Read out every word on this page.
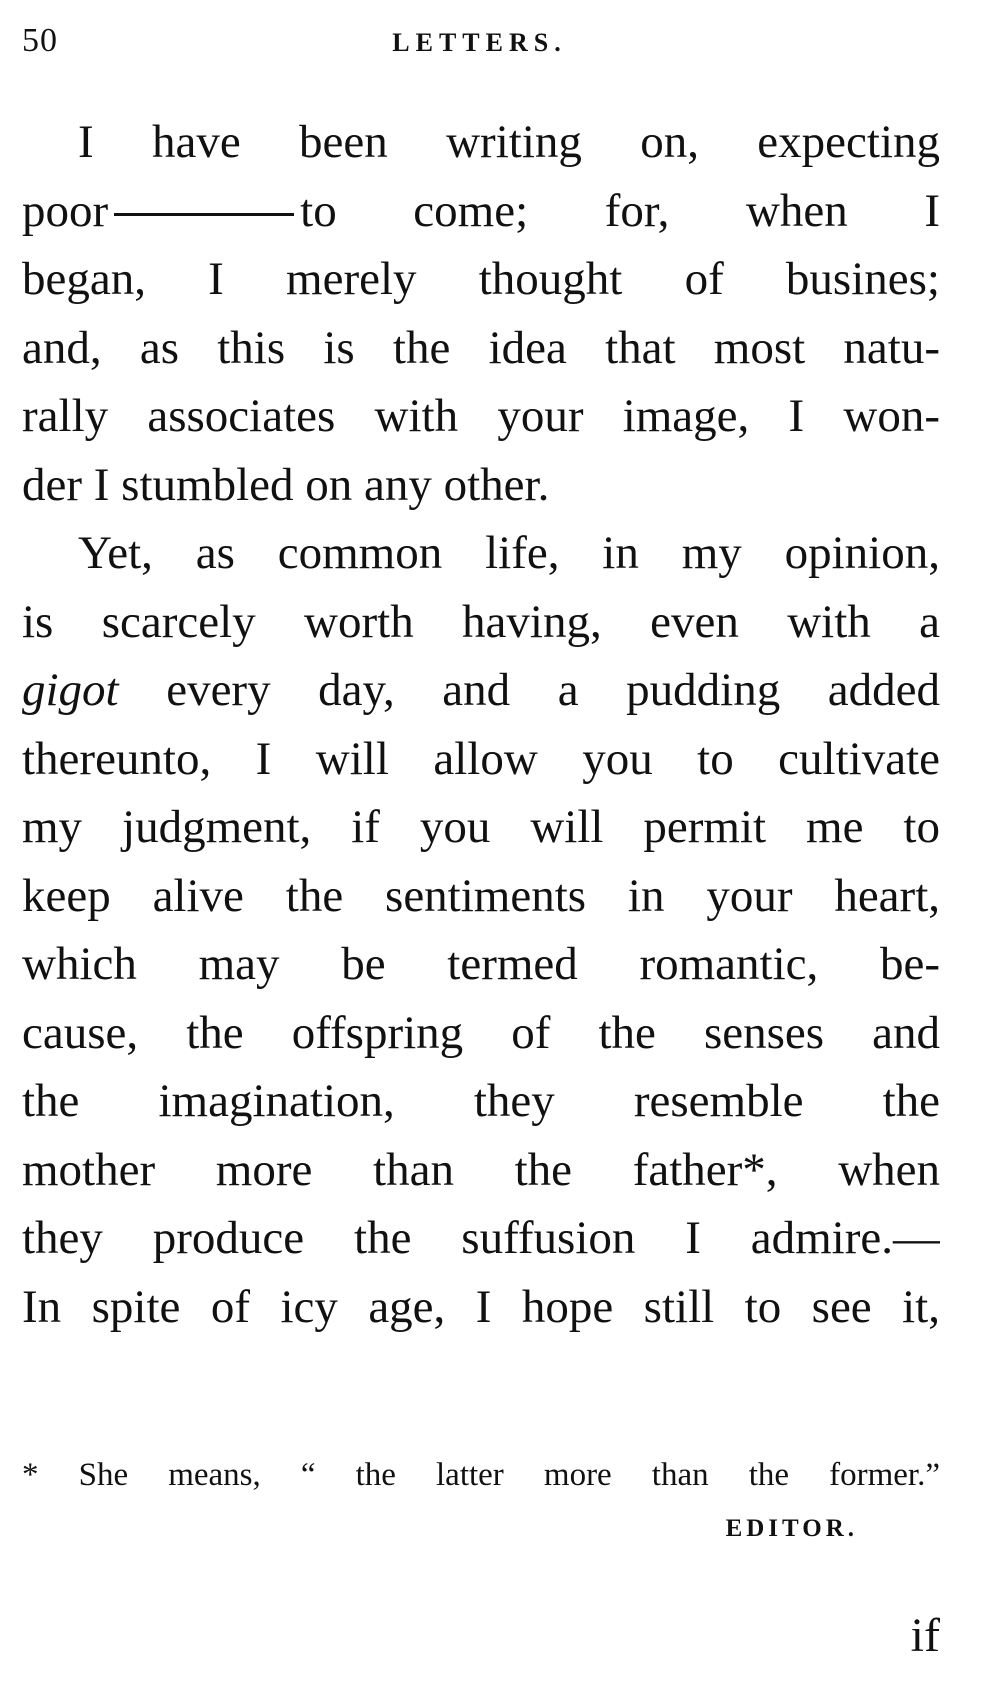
50	LETTERS.
I have been writing on, expecting
poor	to come; for, when I
began, I merely thought of busines;
and, as this is the idea that most natu-
rally associates with your image, I won-
der I stumbled on any other.
Yet, as common life, in my opinion,
is scarcely worth having, even with a
gigot every day, and a pudding added
thereunto, I will allow you to cultivate
my judgment, if you will permit me to
keep alive the sentiments in your heart,
which may be termed romantic, be-
cause, the offspring of the senses and
the imagination, they resemble the
mother more than the father*, when
they produce the suffusion I admire.—
In spite of icy age, I hope still to see it,
* She means, “ the latter more than the former.”
EDITOR.
if
